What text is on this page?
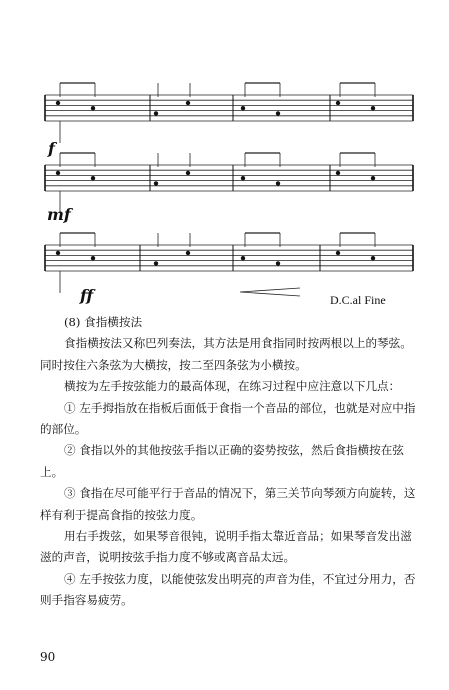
f
mf
ff	D.C.al Fine

(8) 食指横按法

食指横按法又称巴列奏法，其方法是用食指同时按两根以上的琴弦。同时按住六条弦为大横按，按二至四条弦为小横按。

横按为左手按弦能力的最高体现，在练习过程中应注意以下几点：

① 左手拇指放在指板后面低于食指一个音品的部位，也就是对应中指的部位。

② 食指以外的其他按弦手指以正确的姿势按弦，然后食指横按在弦上。

③ 食指在尽可能平行于音品的情况下，第三关节向琴颈方向旋转，这样有利于提高食指的按弦力度。

用右手拨弦，如果琴音很钝，说明手指太靠近音品；如果琴音发出滋滋的声音，说明按弦手指力度不够或离音品太远。

④ 左手按弦力度，以能使弦发出明亮的声音为佳，不宜过分用力，否则手指容易疲劳。

90
